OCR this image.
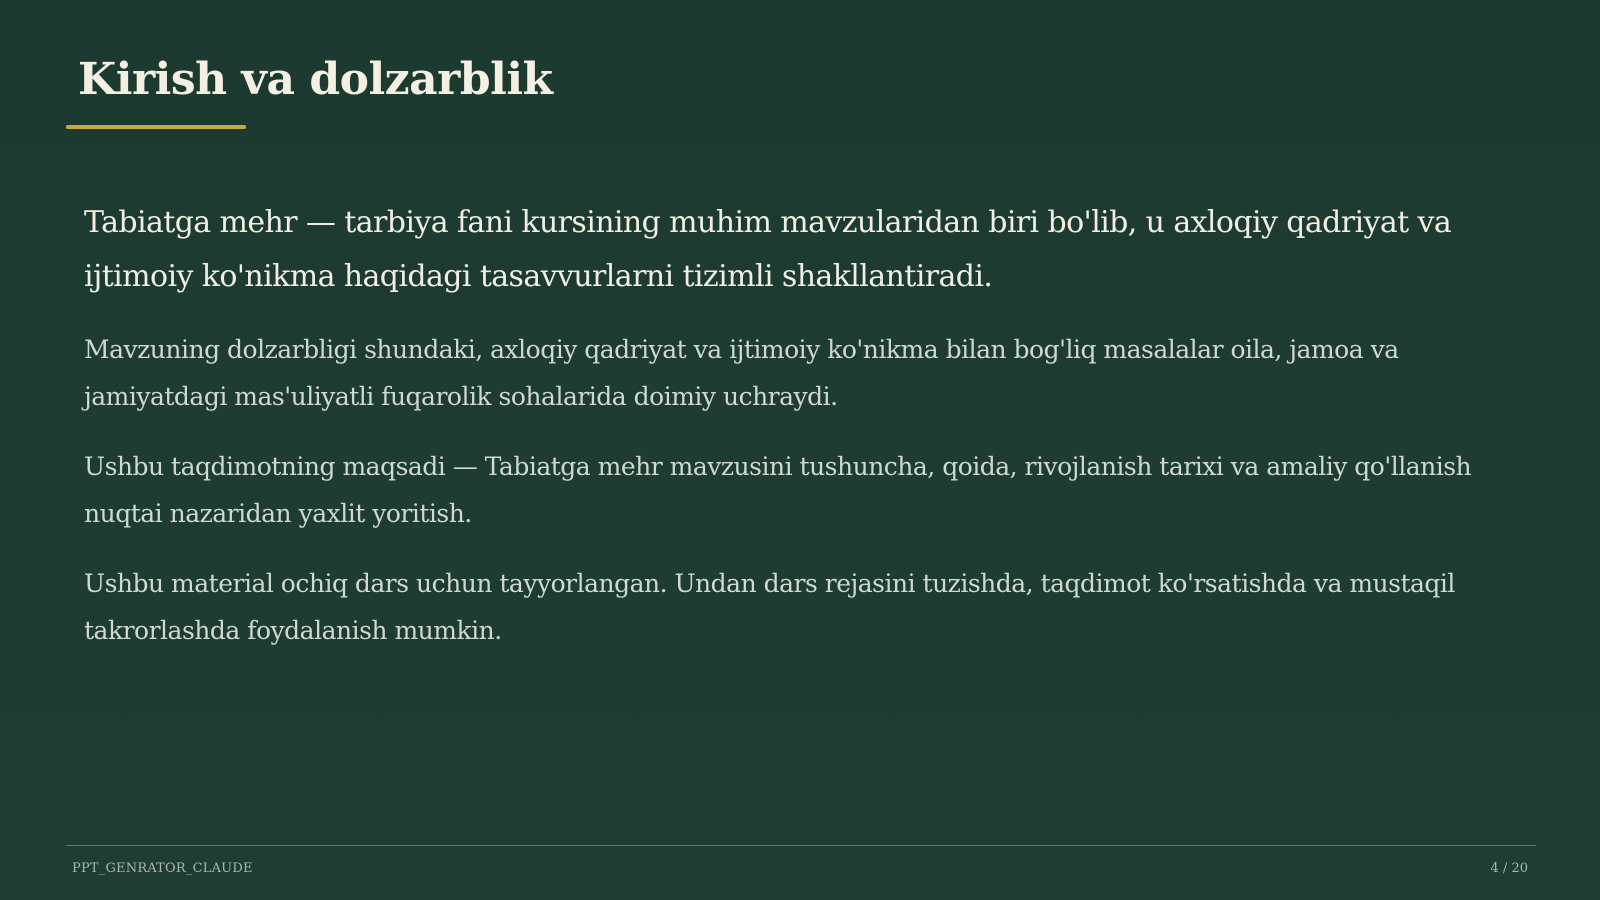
Kirish va dolzarblik

Tabiatga mehr — tarbiya fani kursining muhim mavzularidan biri bo'lib, u axloqiy qadriyat va ijtimoiy ko'nikma haqidagi tasavvurlarni tizimli shakllantiradi.

Mavzuning dolzarbligi shundaki, axloqiy qadriyat va ijtimoiy ko'nikma bilan bog'liq masalalar oila, jamoa va jamiyatdagi mas'uliyatli fuqarolik sohalarida doimiy uchraydi.

Ushbu taqdimotning maqsadi — Tabiatga mehr mavzusini tushuncha, qoida, rivojlanish tarixi va amaliy qo'llanish nuqtai nazaridan yaxlit yoritish.

Ushbu material ochiq dars uchun tayyorlangan. Undan dars rejasini tuzishda, taqdimot ko'rsatishda va mustaqil takrorlashda foydalanish mumkin.

PPT_GENRATOR_CLAUDE	4 / 20
